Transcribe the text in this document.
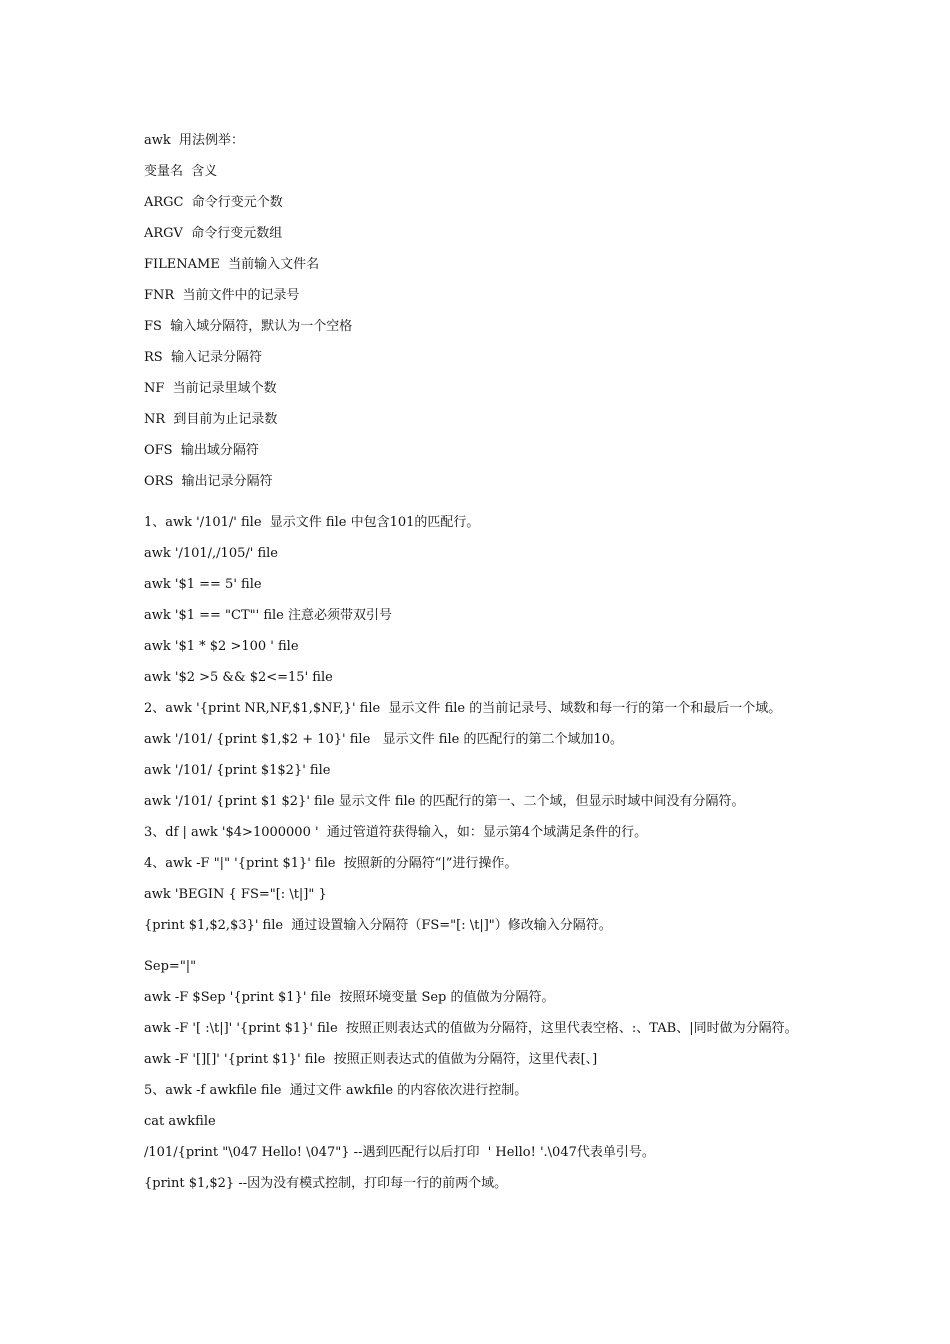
awk  用法例举：
变量名  含义
ARGC  命令行变元个数
ARGV  命令行变元数组
FILENAME  当前输入文件名
FNR  当前文件中的记录号
FS  输入域分隔符，默认为一个空格
RS  输入记录分隔符
NF  当前记录里域个数
NR  到目前为止记录数
OFS  输出域分隔符
ORS  输出记录分隔符
1、awk '/101/' file  显示文件 file 中包含101的匹配行。
awk '/101/,/105/' file
awk '$1 == 5' file
awk '$1 == "CT"' file 注意必须带双引号
awk '$1 * $2 >100 ' file
awk '$2 >5 && $2<=15' file
2、awk '{print NR,NF,$1,$NF,}' file  显示文件 file 的当前记录号、域数和每一行的第一个和最后一个域。
awk '/101/ {print $1,$2 + 10}' file   显示文件 file 的匹配行的第二个域加10。
awk '/101/ {print $1$2}' file
awk '/101/ {print $1 $2}' file 显示文件 file 的匹配行的第一、二个域，但显示时域中间没有分隔符。
3、df | awk '$4>1000000 '  通过管道符获得输入，如：显示第4个域满足条件的行。
4、awk -F "|" '{print $1}' file  按照新的分隔符“|”进行操作。
awk 'BEGIN { FS="[: \t|]" }
{print $1,$2,$3}' file  通过设置输入分隔符（FS="[: \t|]"）修改输入分隔符。
Sep="|"
awk -F $Sep '{print $1}' file  按照环境变量 Sep 的值做为分隔符。
awk -F '[ :\t|]' '{print $1}' file  按照正则表达式的值做为分隔符，这里代表空格、:、TAB、|同时做为分隔符。
awk -F '[][]' '{print $1}' file  按照正则表达式的值做为分隔符，这里代表[、]
5、awk -f awkfile file  通过文件 awkfile 的内容依次进行控制。
cat awkfile
/101/{print "\047 Hello! \047"} --遇到匹配行以后打印  ' Hello! '.\047代表单引号。
{print $1,$2} --因为没有模式控制，打印每一行的前两个域。
